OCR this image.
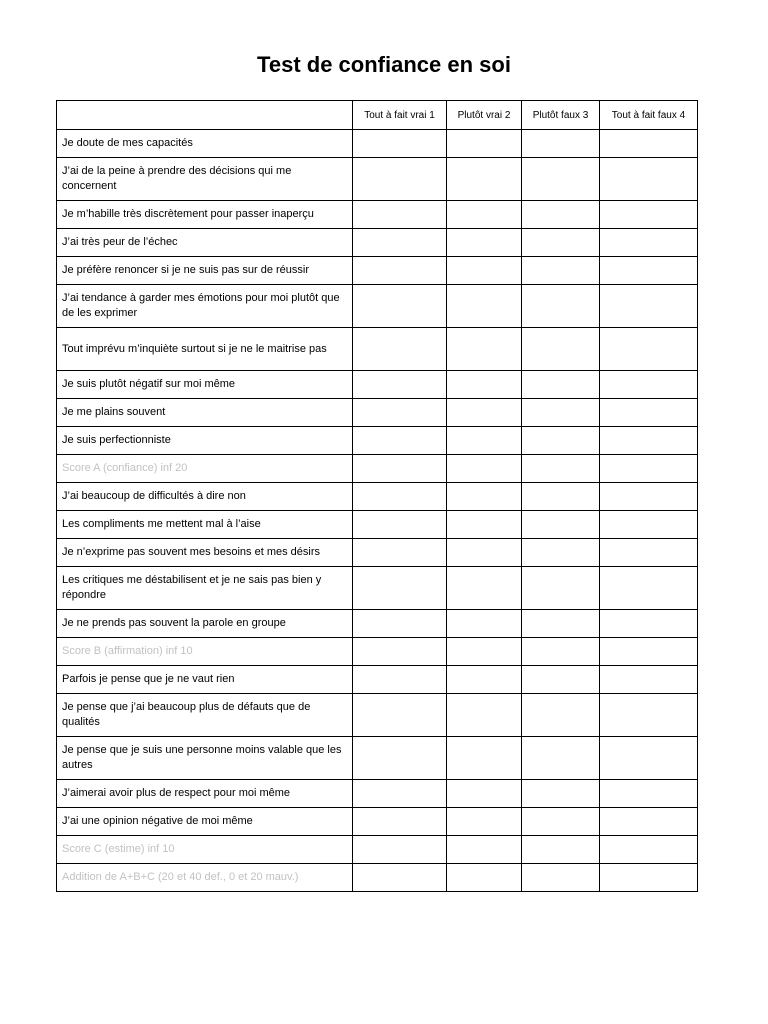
Test de confiance en soi
	Tout à fait vrai 1	Plutôt vrai 2	Plutôt faux 3	Tout à fait faux 4
Je doute de mes capacités				
J’ai de la peine à prendre des décisions qui me concernent				
Je m’habille très discrètement pour passer inaperçu				
J’ai très peur de l’échec				
Je préfère renoncer si je ne suis pas sur de réussir				
J’ai tendance à garder mes émotions pour moi plutôt que de les exprimer				
Tout imprévu m’inquiète surtout si je ne le maitrise pas				
Je suis plutôt négatif sur moi même				
Je me plains souvent				
Je suis perfectionniste				
Score A (confiance) inf 20				
J’ai beaucoup de difficultés à dire non				
Les compliments me mettent mal à l’aise				
Je n’exprime pas souvent mes besoins et mes désirs				
Les critiques me déstabilisent et je ne sais pas bien y répondre				
Je ne prends pas souvent la parole en groupe				
Score B (affirmation) inf 10				
Parfois je pense que je ne vaut rien				
Je pense que j’ai beaucoup plus de défauts que de qualités				
Je pense que je suis une personne moins valable que les autres				
J’aimerai avoir plus de respect pour moi même				
J’ai une opinion négative de moi même				
Score C (estime) inf 10				
Addition de A+B+C (20 et 40 def., 0 et 20 mauv.)				
